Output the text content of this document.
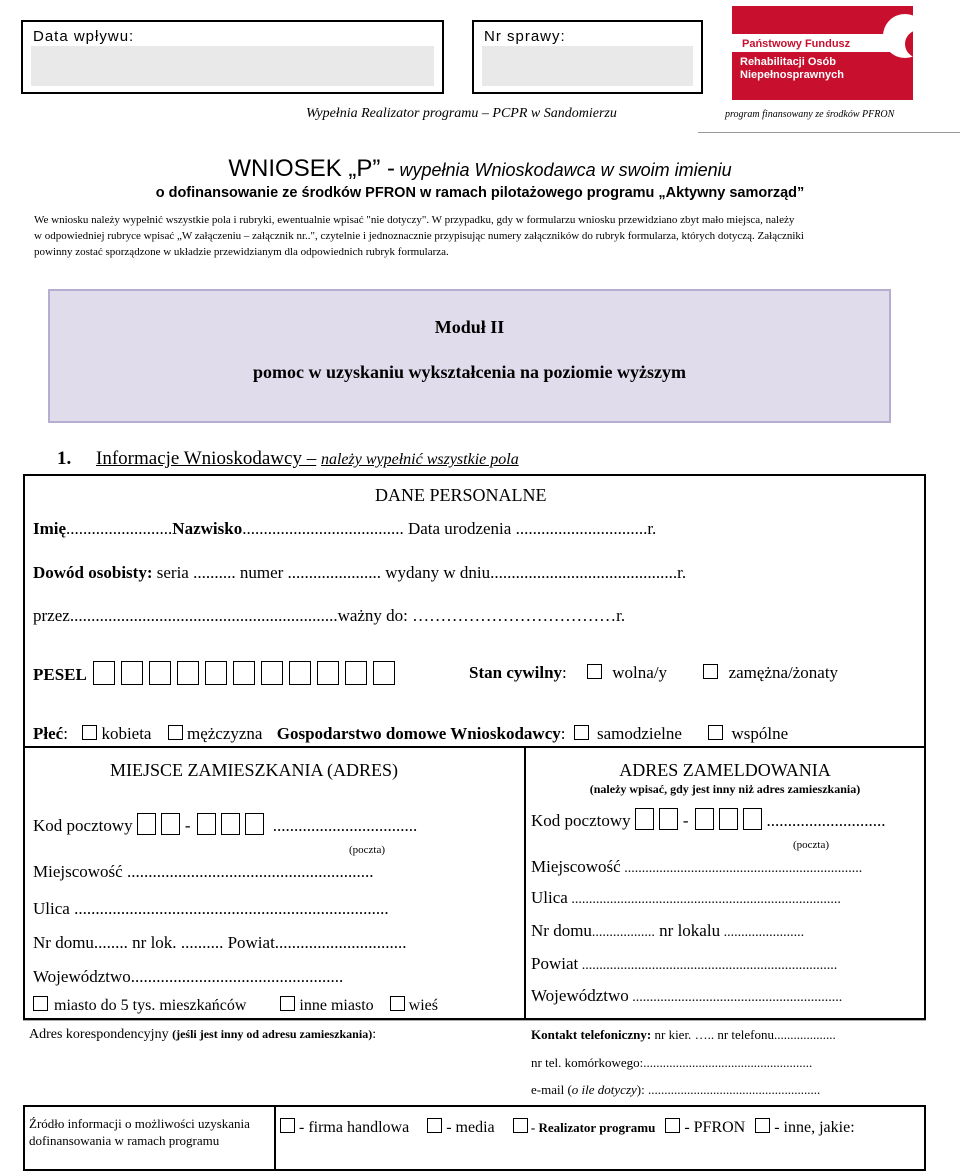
Data wpływu:	Nr sprawy:	Państwowy Fundusz
Rehabilitacji Osób
Niepełnosprawnych
Wypełnia Realizator programu – PCPR w Sandomierzu	program finansowany ze środków PFRON
WNIOSEK „P” - wypełnia Wnioskodawca w swoim imieniu
o dofinansowanie ze środków PFRON w ramach pilotażowego programu „Aktywny samorząd”
We wniosku należy wypełnić wszystkie pola i rubryki, ewentualnie wpisać "nie dotyczy". W przypadku, gdy w formularzu wniosku przewidziano zbyt mało miejsca, należy
w odpowiedniej rubryce wpisać „W załączeniu – załącznik nr..", czytelnie i jednoznacznie przypisując numery załączników do rubryk formularza, których dotyczą. Załączniki
powinny zostać sporządzone w układzie przewidzianym dla odpowiednich rubryk formularza.
Moduł II
pomoc w uzyskaniu wykształcenia na poziomie wyższym
1. Informacje Wnioskodawcy – należy wypełnić wszystkie pola
DANE PERSONALNE
Imię.........................Nazwisko...................................... Data urodzenia ...............................r.
Dowód osobisty: seria .......... numer ...................... wydany w dniu............................................r.
przez...............................................................ważny do: ………………………………r.
PESEL	Stan cywilny:	wolna/y	zamężna/żonaty
Płeć: kobieta mężczyzna Gospodarstwo domowe Wnioskodawcy: samodzielne	wspólne
MIEJSCE ZAMIESZKANIA (ADRES)
Kod pocztowy	-	..................................
(poczta)
Miejscowość ..........................................................
Ulica ..........................................................................
Nr domu........ nr lok. .......... Powiat...............................
Województwo..................................................
miasto do 5 tys. mieszkańców	inne miasto wieś
ADRES ZAMELDOWANIA
(należy wpisać, gdy jest inny niż adres zamieszkania)
Kod pocztowy	-	............................
(poczta)
Miejscowość ....................................................................
Ulica .............................................................................
Nr domu.................. nr lokalu .......................
Powiat .........................................................................
Województwo ............................................................
Adres korespondencyjny (jeśli jest inny od adresu zamieszkania):	Kontakt telefoniczny: nr kier. ….. nr telefonu...................
nr tel. komórkowego:....................................................
e-mail (o ile dotyczy): .....................................................
Źródło informacji o możliwości uzyskania dofinansowania w ramach programu
- firma handlowa  - media	- Realizator programu  - PFRON  - inne, jakie:
